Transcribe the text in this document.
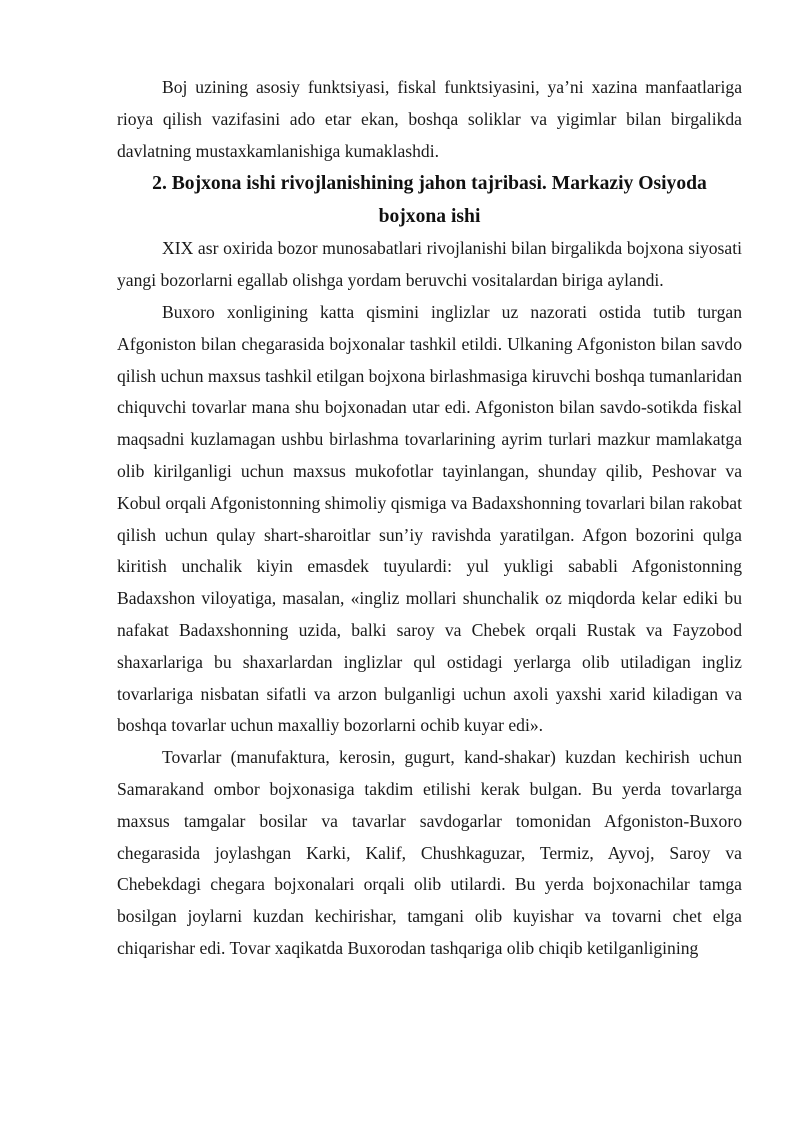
Boj uzining asosiy funktsiyasi, fiskal funktsiyasini, ya’ni xazina manfaatlariga rioya qilish vazifasini ado etar ekan, boshqa soliklar va yigimlar bilan birgalikda davlatning mustaxkamlanishiga kumaklashdi.

2. Bojxona ishi rivojlanishining jahon tajribasi. Markaziy Osiyoda bojxona ishi

XIX asr oxirida bozor munosabatlari rivojlanishi bilan birgalikda bojxona siyosati yangi bozorlarni egallab olishga yordam beruvchi vositalardan biriga aylandi.

Buxoro xonligining katta qismini inglizlar uz nazorati ostida tutib turgan Afgoniston bilan chegarasida bojxonalar tashkil etildi. Ulkaning Afgoniston bilan savdo qilish uchun maxsus tashkil etilgan bojxona birlashmasiga kiruvchi boshqa tumanlaridan chiquvchi tovarlar mana shu bojxonadan utar edi. Afgoniston bilan savdo-sotikda fiskal maqsadni kuzlamagan ushbu birlashma tovarlarining ayrim turlari mazkur mamlakatga olib kirilganligi uchun maxsus mukofotlar tayinlangan, shunday qilib, Peshovar va Kobul orqali Afgonistonning shimoliy qismiga va Badaxshonning tovarlari bilan rakobat qilish uchun qulay shart-sharoitlar sun’iy ravishda yaratilgan. Afgon bozorini qulga kiritish unchalik kiyin emasdek tuyulardi: yul yukligi sababli Afgonistonning Badaxshon viloyatiga, masalan, «ingliz mollari shunchalik oz miqdorda kelar ediki bu nafakat Badaxshonning uzida, balki saroy va Chebek orqali Rustak va Fayzobod shaxarlariga bu shaxarlardan inglizlar qul ostidagi yerlarga olib utiladigan ingliz tovarlariga nisbatan sifatli va arzon bulganligi uchun axoli yaxshi xarid kiladigan va boshqa tovarlar uchun maxalliy bozorlarni ochib kuyar edi».

Tovarlar (manufaktura, kerosin, gugurt, kand-shakar) kuzdan kechirish uchun Samarakand ombor bojxonasiga takdim etilishi kerak bulgan. Bu yerda tovarlarga maxsus tamgalar bosilar va tavarlar savdogarlar tomonidan Afgoniston-Buxoro chegarasida joylashgan Karki, Kalif, Chushkaguzar, Termiz, Ayvoj, Saroy va Chebekdagi chegara bojxonalari orqali olib utilardi. Bu yerda bojxonachilar tamga bosilgan joylarni kuzdan kechirishar, tamgani olib kuyishar va tovarni chet elga chiqarishar edi. Tovar xaqikatda Buxorodan tashqariga olib chiqib ketilganligining
